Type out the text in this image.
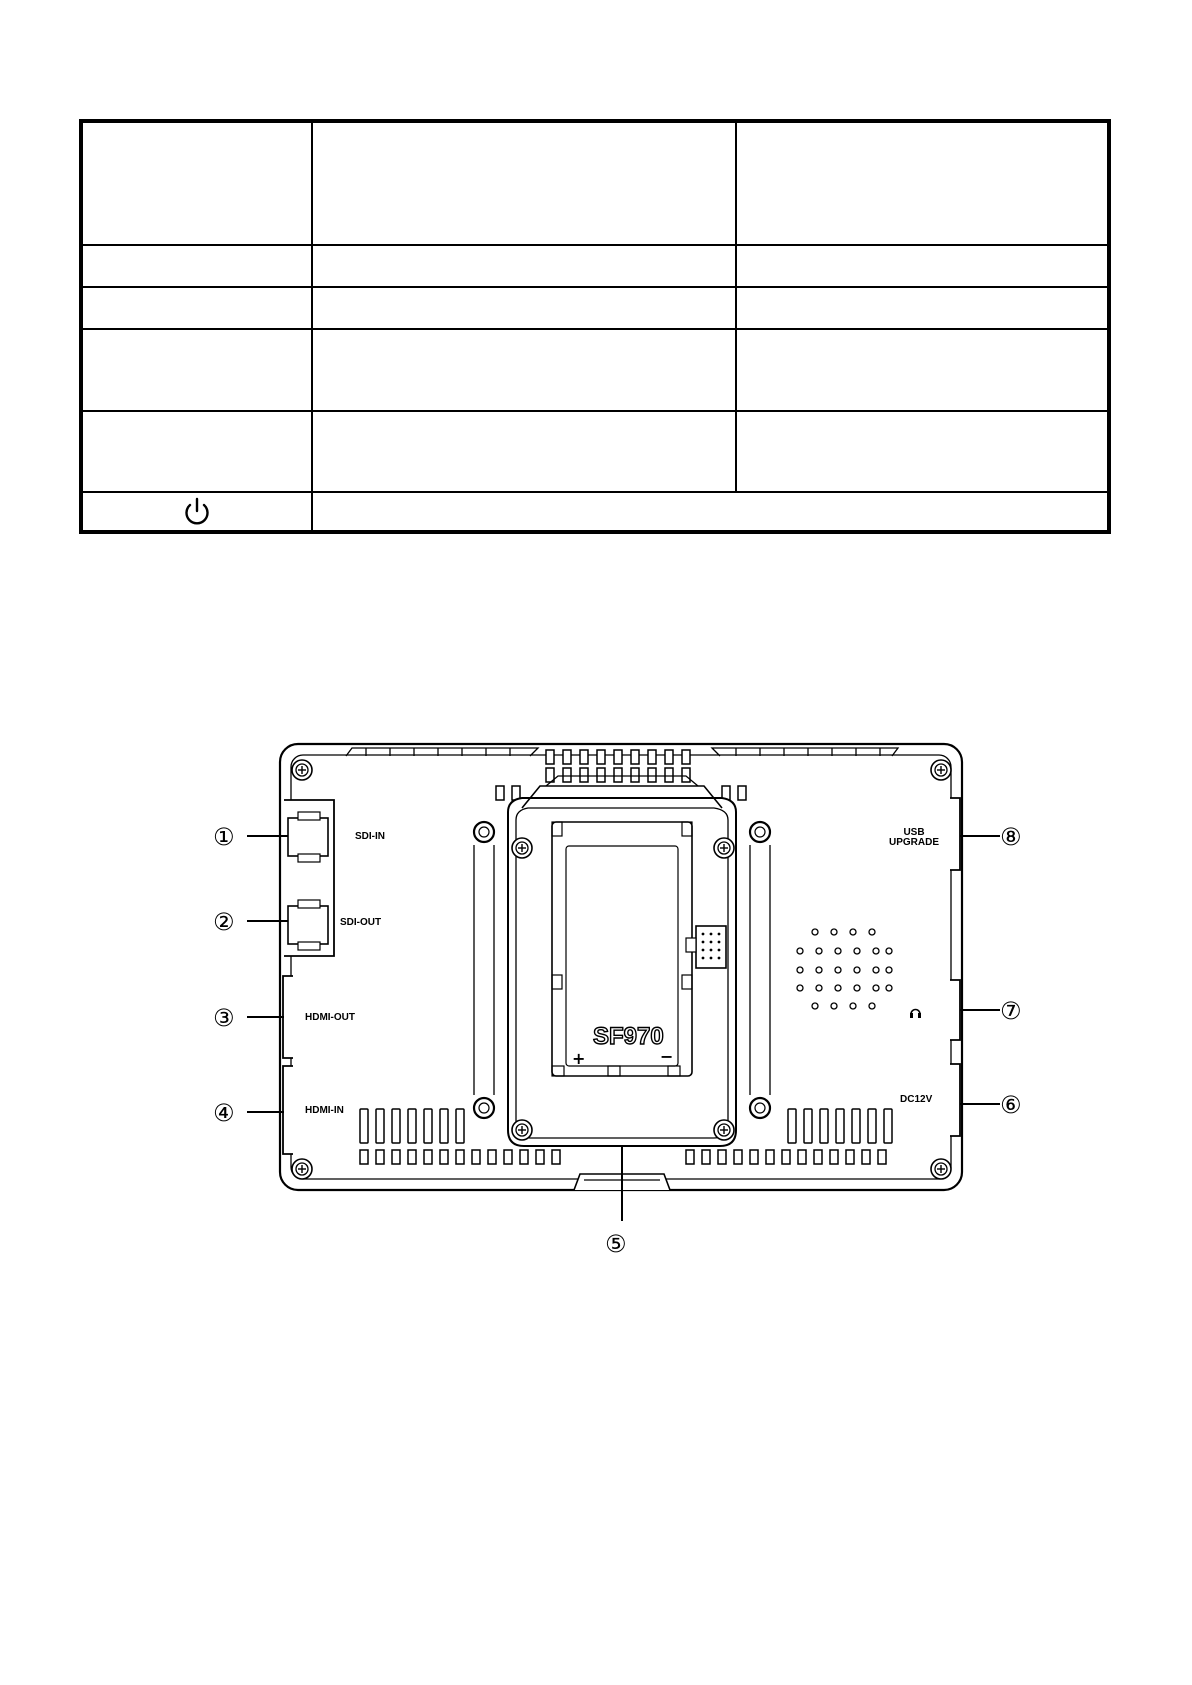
SF970
+	−
SDI-IN
SDI-OUT
HDMI-OUT
HDMI-IN
DC12V
USB
UPGRADE
①
②
③
④
⑤
⑥
⑦
⑧
